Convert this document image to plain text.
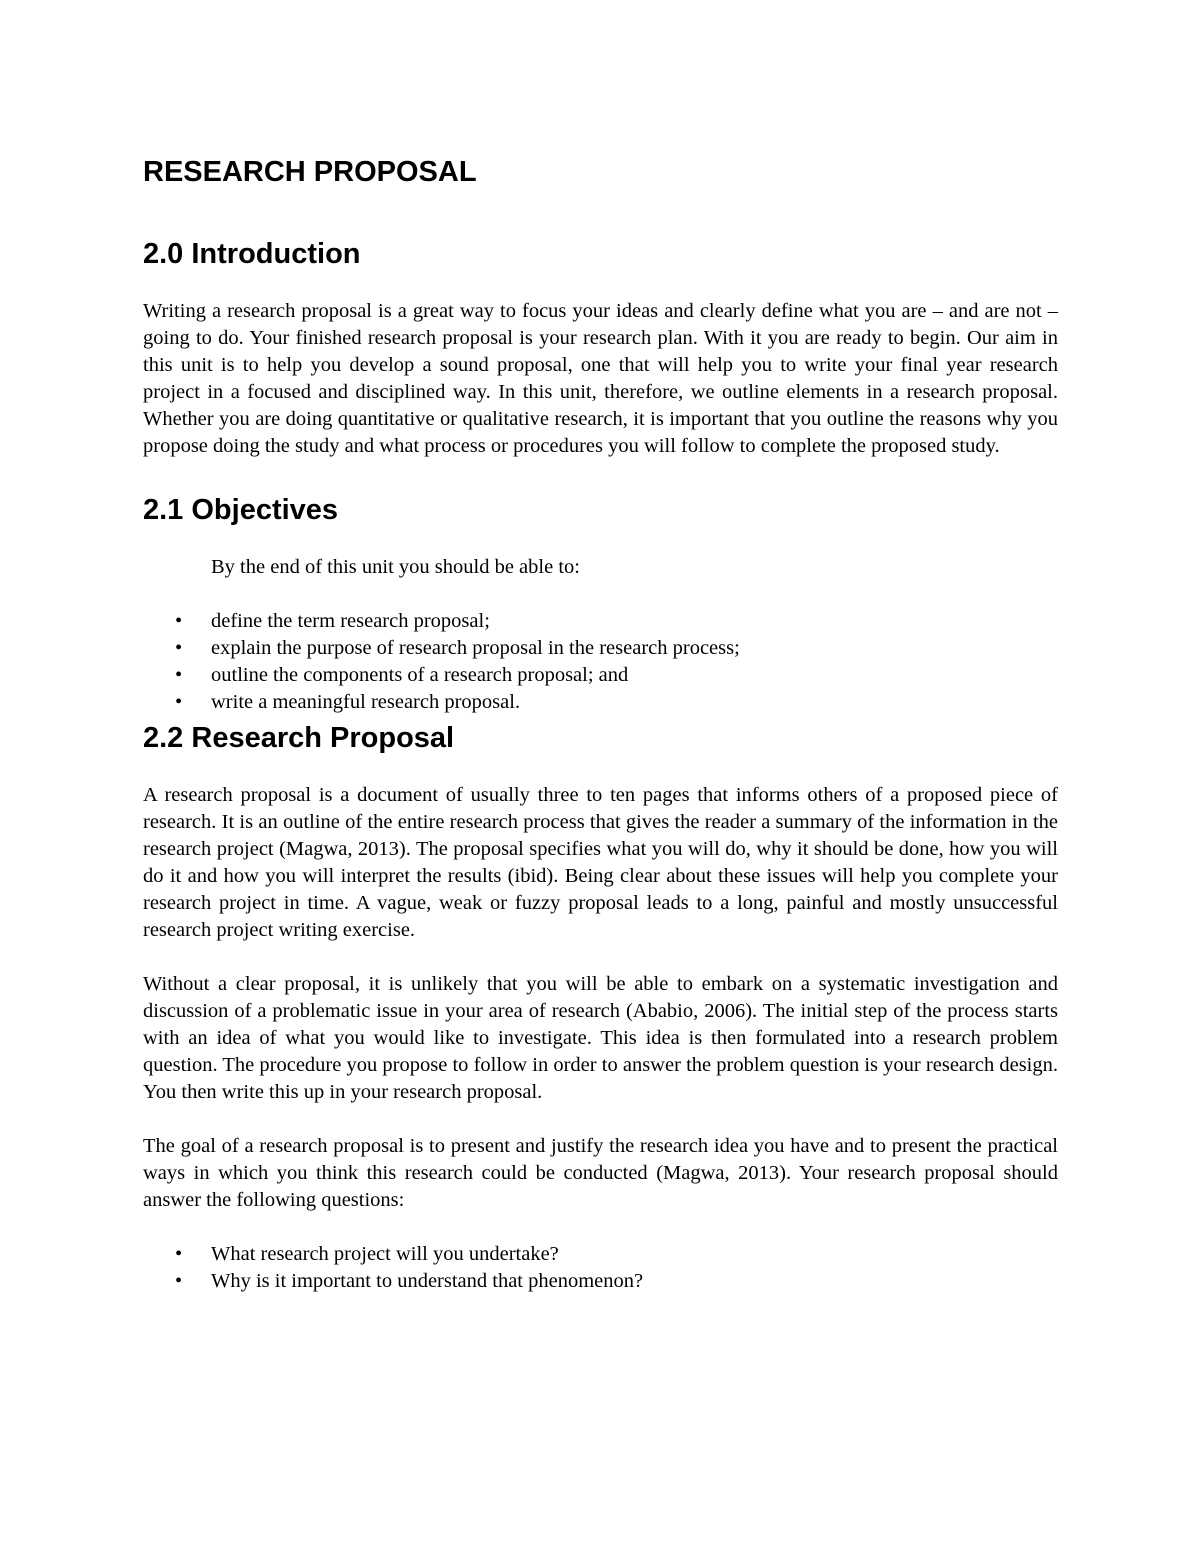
RESEARCH PROPOSAL
2.0 Introduction

Writing a research proposal is a great way to focus your ideas and clearly define what you are – and are not – going to do. Your finished research proposal is your research plan. With it you are ready to begin. Our aim in this unit is to help you develop a sound proposal, one that will help you to write your final year research project in a focused and disciplined way. In this unit, therefore, we outline elements in a research proposal. Whether you are doing quantitative or qualitative research, it is important that you outline the reasons why you propose doing the study and what process or procedures you will follow to complete the proposed study.

2.1 Objectives

By the end of this unit you should be able to:

• define the term research proposal;
• explain the purpose of research proposal in the research process;
• outline the components of a research proposal; and
• write a meaningful research proposal.
2.2 Research Proposal

A research proposal is a document of usually three to ten pages that informs others of a proposed piece of research. It is an outline of the entire research process that gives the reader a summary of the information in the research project (Magwa, 2013). The proposal specifies what you will do, why it should be done, how you will do it and how you will interpret the results (ibid). Being clear about these issues will help you complete your research project in time. A vague, weak or fuzzy proposal leads to a long, painful and mostly unsuccessful research project writing exercise.

Without a clear proposal, it is unlikely that you will be able to embark on a systematic investigation and discussion of a problematic issue in your area of research (Ababio, 2006). The initial step of the process starts with an idea of what you would like to investigate. This idea is then formulated into a research problem question. The procedure you propose to follow in order to answer the problem question is your research design. You then write this up in your research proposal.

The goal of a research proposal is to present and justify the research idea you have and to present the practical ways in which you think this research could be conducted (Magwa, 2013). Your research proposal should answer the following questions:

• What research project will you undertake?
• Why is it important to understand that phenomenon?
